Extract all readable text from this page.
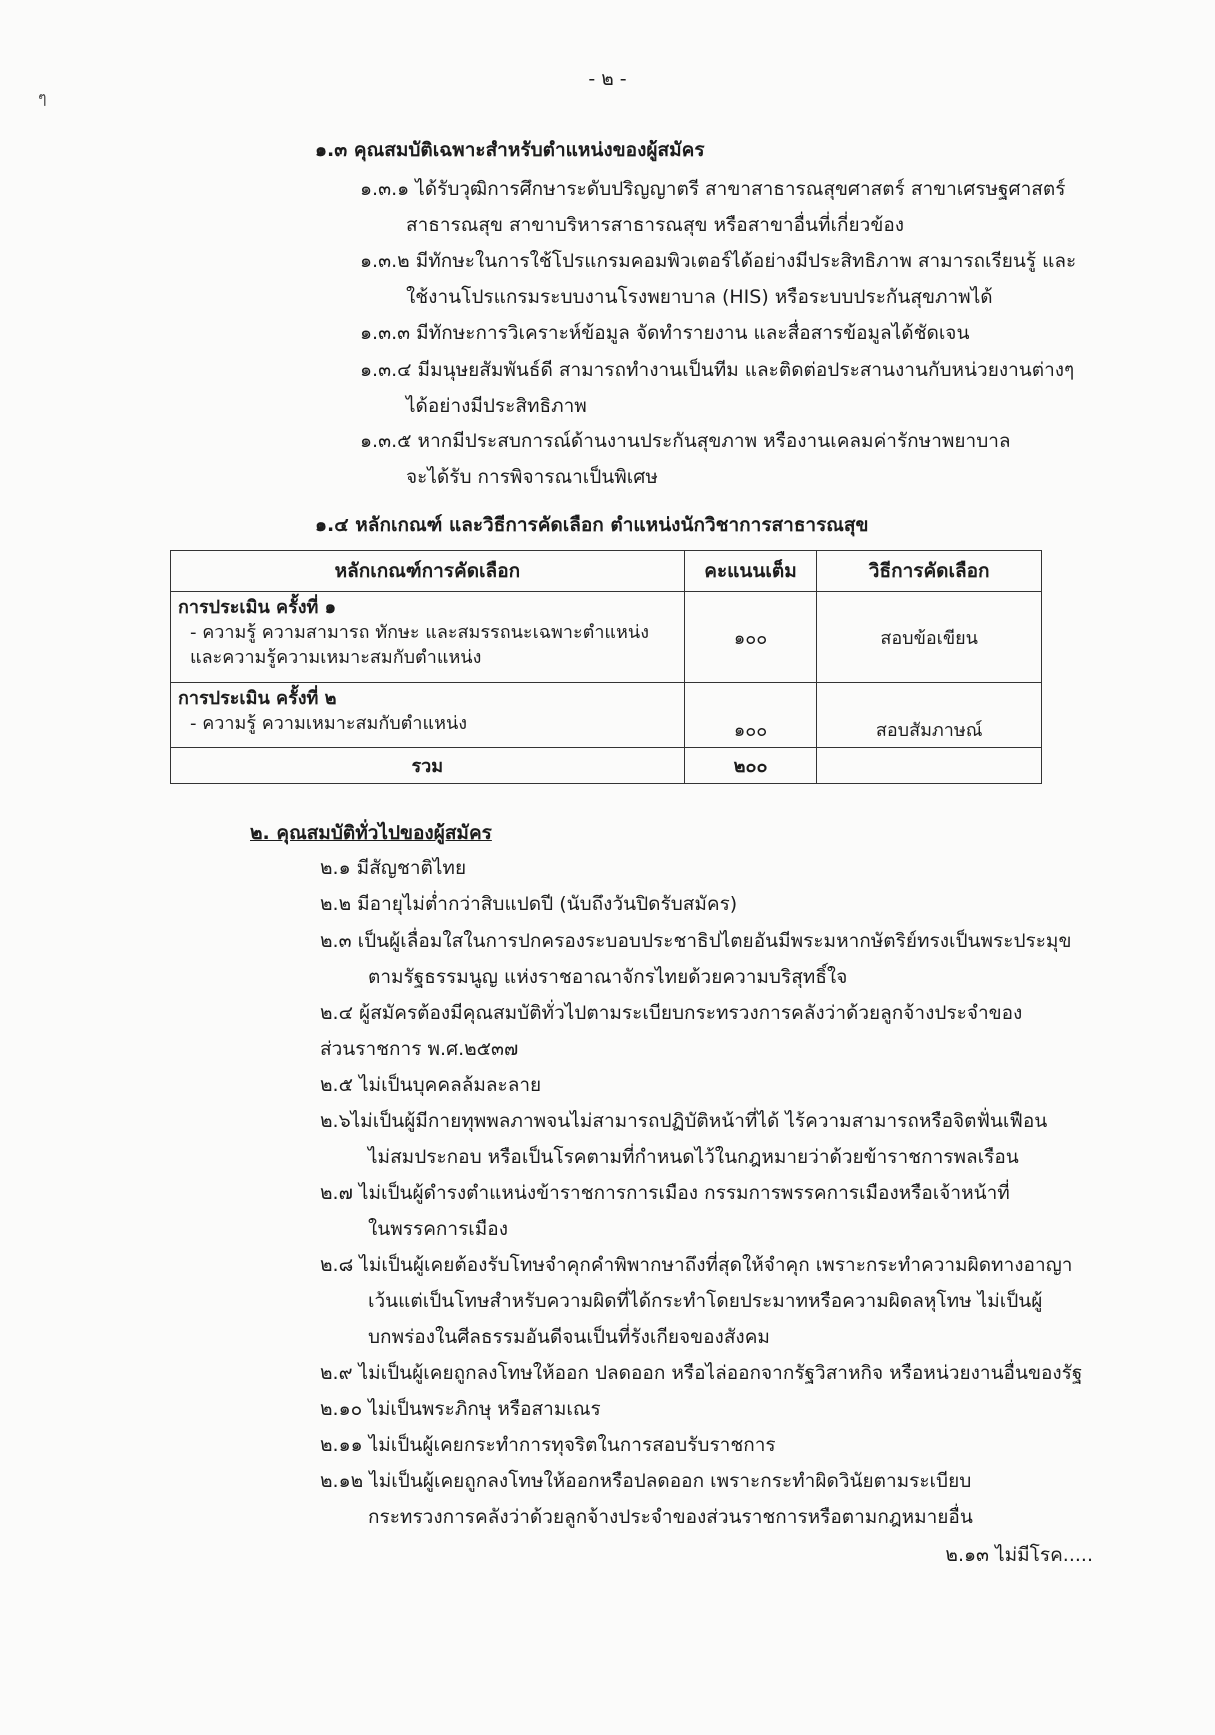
- ๒ -
ๆ
๑.๓ คุณสมบัติเฉพาะสำหรับตำแหน่งของผู้สมัคร
๑.๓.๑ ได้รับวุฒิการศึกษาระดับปริญญาตรี สาขาสาธารณสุขศาสตร์ สาขาเศรษฐศาสตร์
สาธารณสุข สาขาบริหารสาธารณสุข หรือสาขาอื่นที่เกี่ยวข้อง
๑.๓.๒ มีทักษะในการใช้โปรแกรมคอมพิวเตอร์ได้อย่างมีประสิทธิภาพ สามารถเรียนรู้ และ
ใช้งานโปรแกรมระบบงานโรงพยาบาล (HIS) หรือระบบประกันสุขภาพได้
๑.๓.๓ มีทักษะการวิเคราะห์ข้อมูล จัดทำรายงาน และสื่อสารข้อมูลได้ชัดเจน
๑.๓.๔ มีมนุษยสัมพันธ์ดี สามารถทำงานเป็นทีม และติดต่อประสานงานกับหน่วยงานต่างๆ
ได้อย่างมีประสิทธิภาพ
๑.๓.๕ หากมีประสบการณ์ด้านงานประกันสุขภาพ หรืองานเคลมค่ารักษาพยาบาล
จะได้รับ การพิจารณาเป็นพิเศษ
๑.๔ หลักเกณฑ์ และวิธีการคัดเลือก ตำแหน่งนักวิชาการสาธารณสุข
หลักเกณฑ์การคัดเลือก	คะแนนเต็ม	วิธีการคัดเลือก

การประเมิน ครั้งที่ ๑
- ความรู้ ความสามารถ ทักษะ และสมรรถนะเฉพาะตำแหน่ง และความรู้ความเหมาะสมกับตำแหน่ง	๑๐๐	สอบข้อเขียน

การประเมิน ครั้งที่ ๒
- ความรู้ ความเหมาะสมกับตำแหน่ง	๑๐๐	สอบสัมภาษณ์
รวม	๒๐๐	
๒. คุณสมบัติทั่วไปของผู้สมัคร
๒.๑ มีสัญชาติไทย
๒.๒ มีอายุไม่ต่ำกว่าสิบแปดปี (นับถึงวันปิดรับสมัคร)
๒.๓ เป็นผู้เลื่อมใสในการปกครองระบอบประชาธิปไตยอันมีพระมหากษัตริย์ทรงเป็นพระประมุข
ตามรัฐธรรมนูญ แห่งราชอาณาจักรไทยด้วยความบริสุทธิ์ใจ
๒.๔ ผู้สมัครต้องมีคุณสมบัติทั่วไปตามระเบียบกระทรวงการคลังว่าด้วยลูกจ้างประจำของ
ส่วนราชการ พ.ศ.๒๕๓๗
๒.๕ ไม่เป็นบุคคลล้มละลาย
๒.๖ไม่เป็นผู้มีกายทุพพลภาพจนไม่สามารถปฏิบัติหน้าที่ได้ ไร้ความสามารถหรือจิตฟั่นเฟือน
ไม่สมประกอบ หรือเป็นโรคตามที่กำหนดไว้ในกฎหมายว่าด้วยข้าราชการพลเรือน
๒.๗ ไม่เป็นผู้ดำรงตำแหน่งข้าราชการการเมือง กรรมการพรรคการเมืองหรือเจ้าหน้าที่
ในพรรคการเมือง
๒.๘ ไม่เป็นผู้เคยต้องรับโทษจำคุกคำพิพากษาถึงที่สุดให้จำคุก เพราะกระทำความผิดทางอาญา
เว้นแต่เป็นโทษสำหรับความผิดที่ได้กระทำโดยประมาทหรือความผิดลหุโทษ ไม่เป็นผู้
บกพร่องในศีลธรรมอันดีจนเป็นที่รังเกียจของสังคม
๒.๙ ไม่เป็นผู้เคยถูกลงโทษให้ออก ปลดออก หรือไล่ออกจากรัฐวิสาหกิจ หรือหน่วยงานอื่นของรัฐ
๒.๑๐ ไม่เป็นพระภิกษุ หรือสามเณร
๒.๑๑ ไม่เป็นผู้เคยกระทำการทุจริตในการสอบรับราชการ
๒.๑๒ ไม่เป็นผู้เคยถูกลงโทษให้ออกหรือปลดออก เพราะกระทำผิดวินัยตามระเบียบ
กระทรวงการคลังว่าด้วยลูกจ้างประจำของส่วนราชการหรือตามกฎหมายอื่น
๒.๑๓ ไม่มีโรค.....
